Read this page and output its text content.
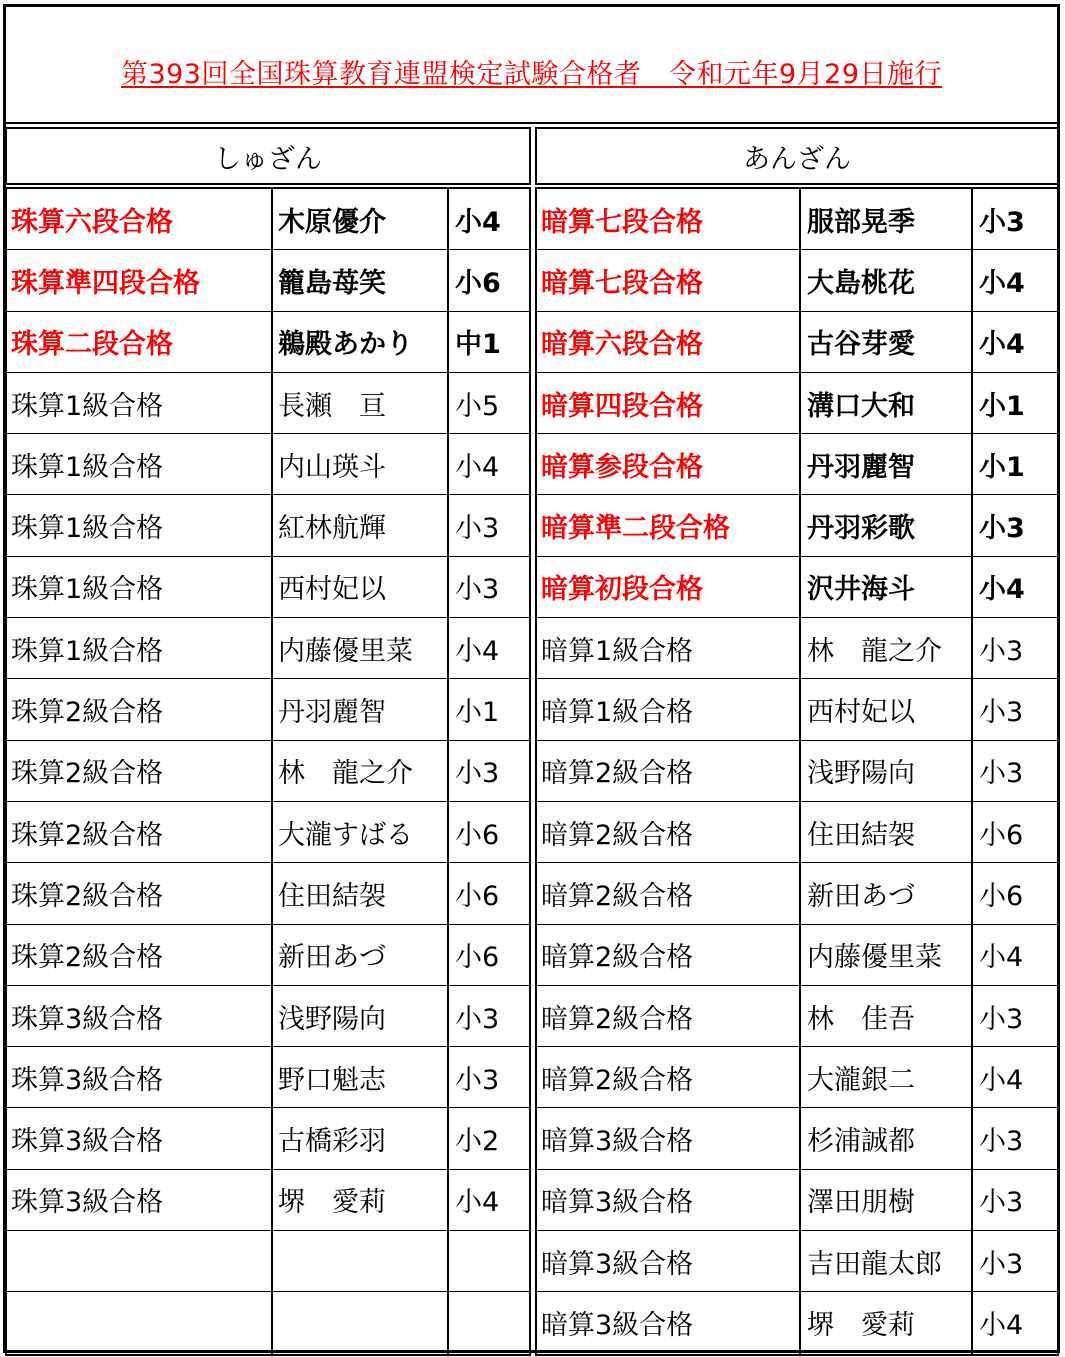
第393回全国珠算教育連盟検定試験合格者　令和元年9月29日施行
しゅざん	あんざん
珠算六段合格	木原優介	小4
珠算準四段合格	籠島苺笑	小6
珠算二段合格	鵜殿あかり	中1
珠算1級合格	長瀬　亘	小5
珠算1級合格	内山瑛斗	小4
珠算1級合格	紅林航輝	小3
珠算1級合格	西村妃以	小3
珠算1級合格	内藤優里菜	小4
珠算2級合格	丹羽麗智	小1
珠算2級合格	林　龍之介	小3
珠算2級合格	大瀧すばる	小6
珠算2級合格	住田結袈	小6
珠算2級合格	新田あづ	小6
珠算3級合格	浅野陽向	小3
珠算3級合格	野口魁志	小3
珠算3級合格	古橋彩羽	小2
珠算3級合格	堺　愛莉	小4
暗算七段合格	服部晃季	小3
暗算七段合格	大島桃花	小4
暗算六段合格	古谷芽愛	小4
暗算四段合格	溝口大和	小1
暗算参段合格	丹羽麗智	小1
暗算準二段合格	丹羽彩歌	小3
暗算初段合格	沢井海斗	小4
暗算1級合格	林　龍之介	小3
暗算1級合格	西村妃以	小3
暗算2級合格	浅野陽向	小3
暗算2級合格	住田結袈	小6
暗算2級合格	新田あづ	小6
暗算2級合格	内藤優里菜	小4
暗算2級合格	林　佳吾	小3
暗算2級合格	大瀧銀二	小4
暗算3級合格	杉浦誠都	小3
暗算3級合格	澤田朋樹	小3
暗算3級合格	吉田龍太郎	小3
暗算3級合格	堺　愛莉	小4
